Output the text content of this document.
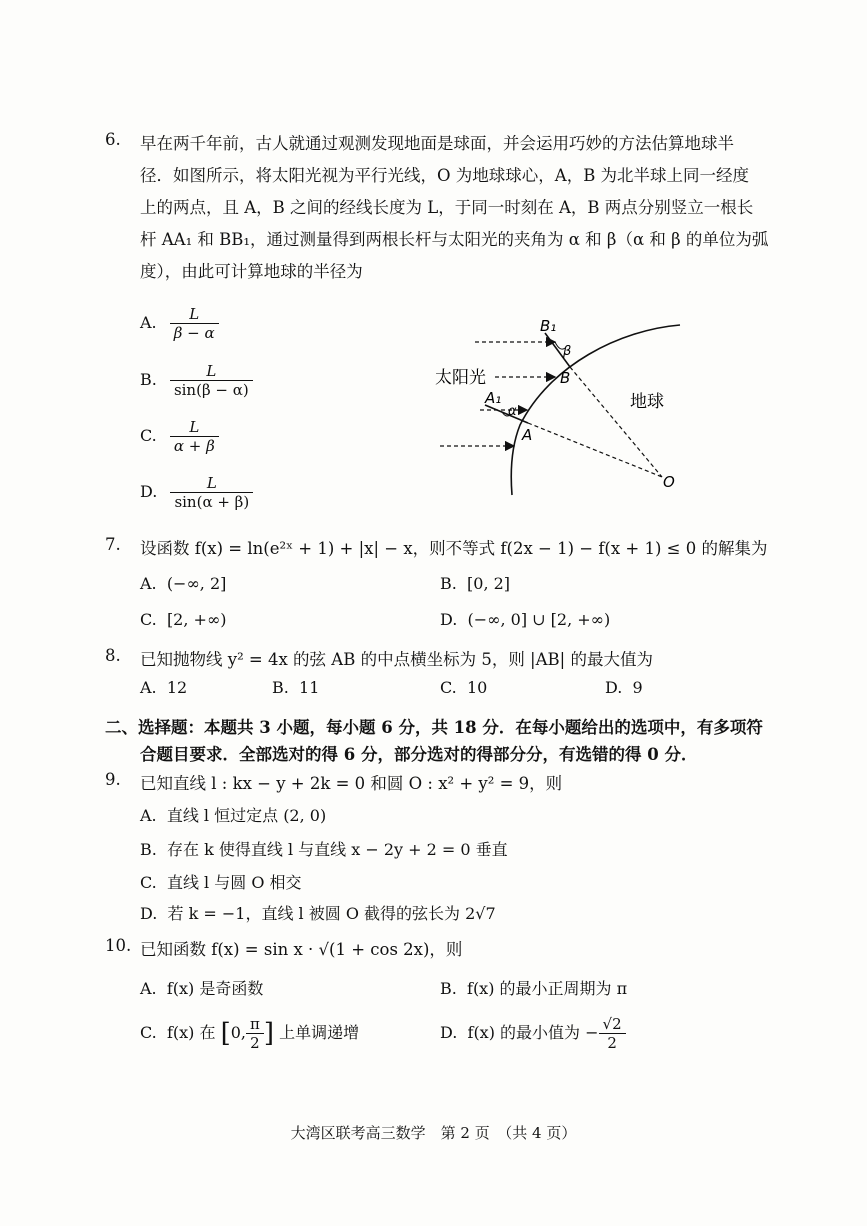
6. 早在两千年前，古人就通过观测发现地面是球面，并会运用巧妙的方法估算地球半
径．如图所示，将太阳光视为平行光线，O 为地球球心，A，B 为北半球上同一经度
上的两点，且 A，B 之间的经线长度为 L，于同一时刻在 A，B 两点分别竖立一根长
杆 AA₁ 和 BB₁，通过测量得到两根长杆与太阳光的夹角为 α 和 β（α 和 β 的单位为弧
度），由此可计算地球的半径为
A. $\frac{L}{\beta - \alpha}$
B. $\frac{L}{\sin(\beta - \alpha)}$
C. $\frac{L}{\alpha + \beta}$
D. $\frac{L}{\sin(\alpha + \beta)}$
B₁
β
B
太阳光
地球
A₁
α
A
O
7. 设函数 f(x) = ln(e²ˣ + 1) + |x| − x，则不等式 f(2x − 1) − f(x + 1) ≤ 0 的解集为
A. (−∞, 2]	B. [0, 2]
C. [2, +∞)	D. (−∞, 0] ∪ [2, +∞)
8. 已知抛物线 y² = 4x 的弦 AB 的中点横坐标为 5，则 |AB| 的最大值为
A. 12	B. 11	C. 10	D. 9
二、选择题：本题共 3 小题，每小题 6 分，共 18 分．在每小题给出的选项中，有多项符
合题目要求．全部选对的得 6 分，部分选对的得部分分，有选错的得 0 分．
9. 已知直线 l : kx − y + 2k = 0 和圆 O : x² + y² = 9，则
A. 直线 l 恒过定点 (2, 0)
B. 存在 k 使得直线 l 与直线 x − 2y + 2 = 0 垂直
C. 直线 l 与圆 O 相交
D. 若 k = −1，直线 l 被圆 O 截得的弦长为 2√7
10. 已知函数 f(x) = sin x · √(1 + cos 2x)，则
A. f(x) 是奇函数	B. f(x) 的最小正周期为 π
C. f(x) 在 [0, $\frac{\pi}{2}$ ] 上单调递增	D. f(x) 的最小值为 − $\frac{√2}{2}$
大湾区联考高三数学　第 2 页　（共 4 页）
